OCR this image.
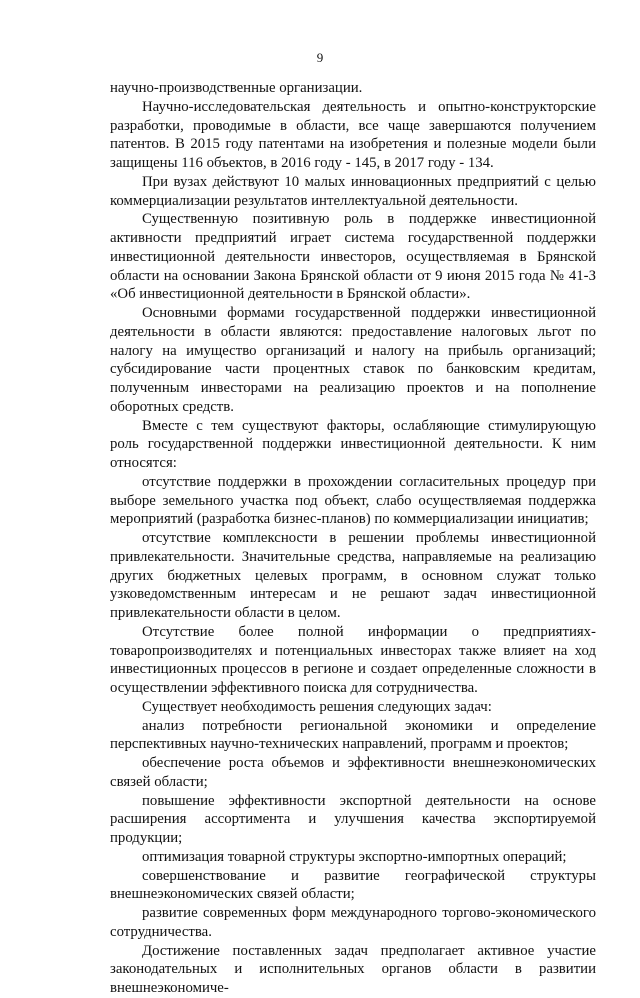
9

научно-производственные организации.

Научно-исследовательская деятельность и опытно-конструкторские разработки, проводимые в области, все чаще завершаются получением патентов. В 2015 году патентами на изобретения и полезные модели были защищены 116 объектов, в 2016 году - 145, в 2017 году - 134.

При вузах действуют 10 малых инновационных предприятий с целью коммерциализации результатов интеллектуальной деятельности.

Существенную позитивную роль в поддержке инвестиционной активности предприятий играет система государственной поддержки инвестиционной деятельности инвесторов, осуществляемая в Брянской области на основании Закона Брянской области от 9 июня 2015 года № 41-З «Об инвестиционной деятельности в Брянской области».

Основными формами государственной поддержки инвестиционной деятельности в области являются: предоставление налоговых льгот по налогу на имущество организаций и налогу на прибыль организаций; субсидирование части процентных ставок по банковским кредитам, полученным инвесторами на реализацию проектов и на пополнение оборотных средств.

Вместе с тем существуют факторы, ослабляющие стимулирующую роль государственной поддержки инвестиционной деятельности. К ним относятся:

отсутствие поддержки в прохождении согласительных процедур при выборе земельного участка под объект, слабо осуществляемая поддержка мероприятий (разработка бизнес-планов) по коммерциализации инициатив;

отсутствие комплексности в решении проблемы инвестиционной привлекательности. Значительные средства, направляемые на реализацию других бюджетных целевых программ, в основном служат только узковедомственным интересам и не решают задач инвестиционной привлекательности области в целом.

Отсутствие более полной информации о предприятиях-товаропроизводителях и потенциальных инвесторах также влияет на ход инвестиционных процессов в регионе и создает определенные сложности в осуществлении эффективного поиска для сотрудничества.

Существует необходимость решения следующих задач:

анализ потребности региональной экономики и определение перспективных научно-технических направлений, программ и проектов;

обеспечение роста объемов и эффективности внешнеэкономических связей области;

повышение эффективности экспортной деятельности на основе расширения ассортимента и улучшения качества экспортируемой продукции;

оптимизация товарной структуры экспортно-импортных операций;

совершенствование и развитие географической структуры внешнеэкономических связей области;

развитие современных форм международного торгово-экономического сотрудничества.

Достижение поставленных задач предполагает активное участие законодательных и исполнительных органов области в развитии внешнеэкономиче-
